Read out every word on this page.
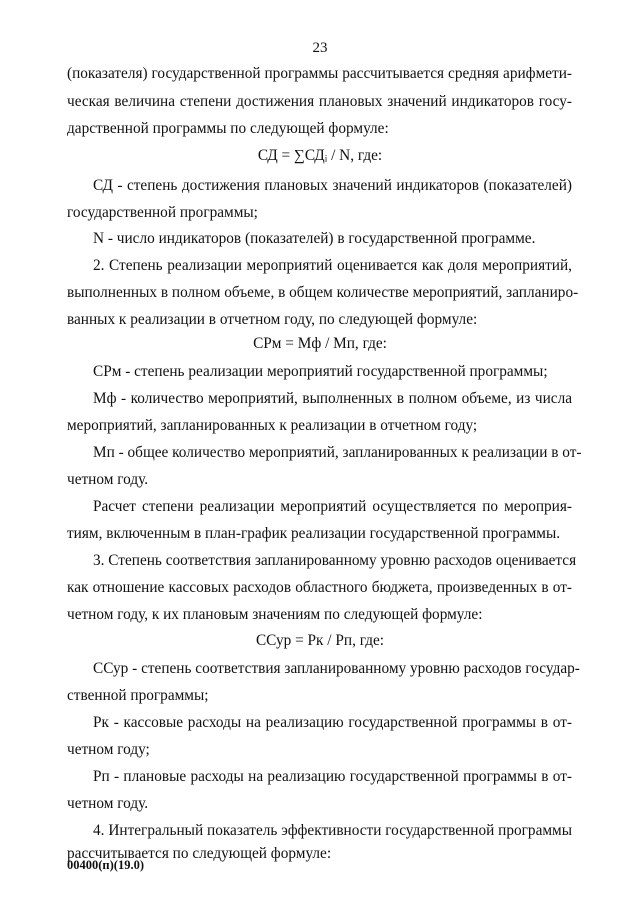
23
(показателя) государственной программы рассчитывается средняя арифмети-
ческая величина степени достижения плановых значений индикаторов госу-
дарственной программы по следующей формуле:
СД = ∑СДᵢ / N, где:
СД - степень достижения плановых значений индикаторов (показателей)
государственной программы;
N - число индикаторов (показателей) в государственной программе.
2. Степень реализации мероприятий оценивается как доля мероприятий,
выполненных в полном объеме, в общем количестве мероприятий, запланиро-
ванных к реализации в отчетном году, по следующей формуле:
СРм = Мф / Мп, где:
СРм - степень реализации мероприятий государственной программы;
Мф - количество мероприятий, выполненных в полном объеме, из числа
мероприятий, запланированных к реализации в отчетном году;
Мп - общее количество мероприятий, запланированных к реализации в от-
четном году.
Расчет степени реализации мероприятий осуществляется по мероприя-
тиям, включенным в план-график реализации государственной программы.
3. Степень соответствия запланированному уровню расходов оценивается
как отношение кассовых расходов областного бюджета, произведенных в от-
четном году, к их плановым значениям по следующей формуле:
ССур = Рк / Рп, где:
ССур - степень соответствия запланированному уровню расходов государ-
ственной программы;
Рк - кассовые расходы на реализацию государственной программы в от-
четном году;
Рп - плановые расходы на реализацию государственной программы в от-
четном году.
4. Интегральный показатель эффективности государственной программы
рассчитывается по следующей формуле:
00400(п)(19.0)
